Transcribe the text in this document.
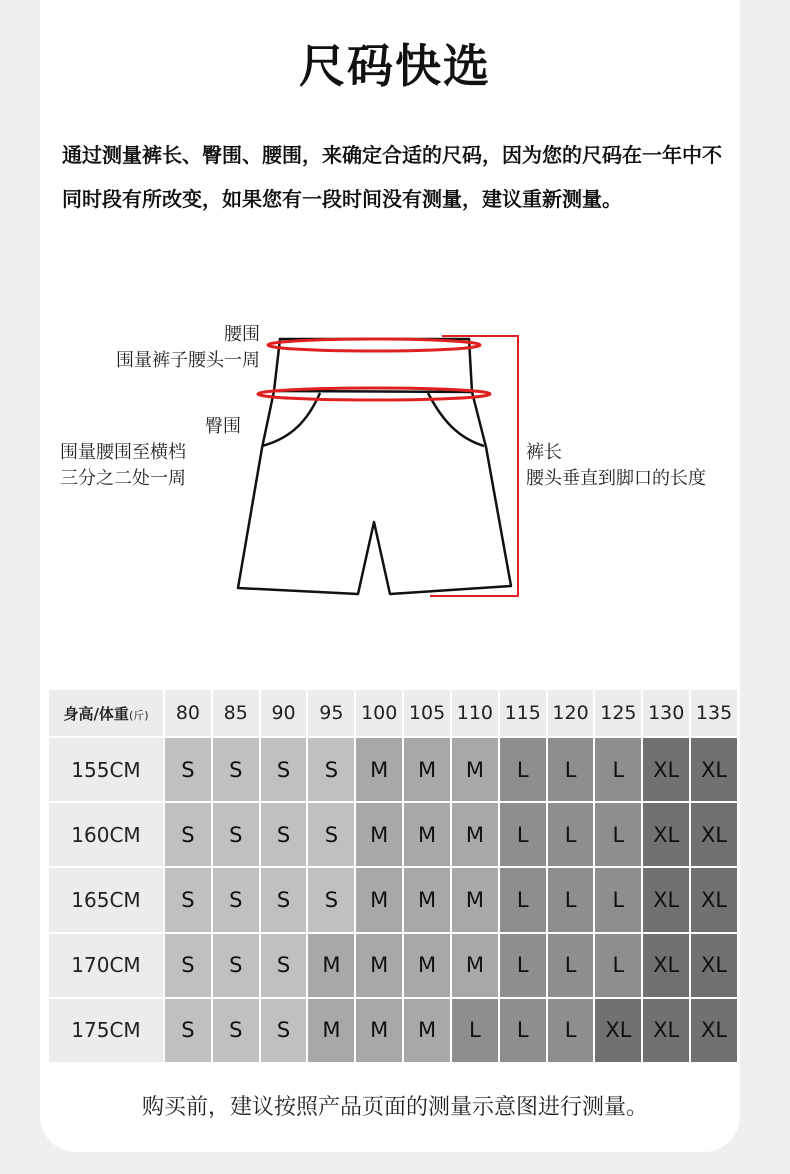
尺码快选
通过测量裤长、臀围、腰围，来确定合适的尺码，因为您的尺码在一年中不同时段有所改变，如果您有一段时间没有测量，建议重新测量。
腰围
围量裤子腰头一周
臀围
围量腰围至横档
三分之二处一周
裤长
腰头垂直到脚口的长度
身高/体重(斤)	80	85	90	95	100	105	110	115	120	125	130	135
155CM	S	S	S	S	M	M	M	L	L	L	XL	XL
160CM	S	S	S	S	M	M	M	L	L	L	XL	XL
165CM	S	S	S	S	M	M	M	L	L	L	XL	XL
170CM	S	S	S	M	M	M	M	L	L	L	XL	XL
175CM	S	S	S	M	M	M	L	L	L	XL	XL	XL
购买前，建议按照产品页面的测量示意图进行测量。
